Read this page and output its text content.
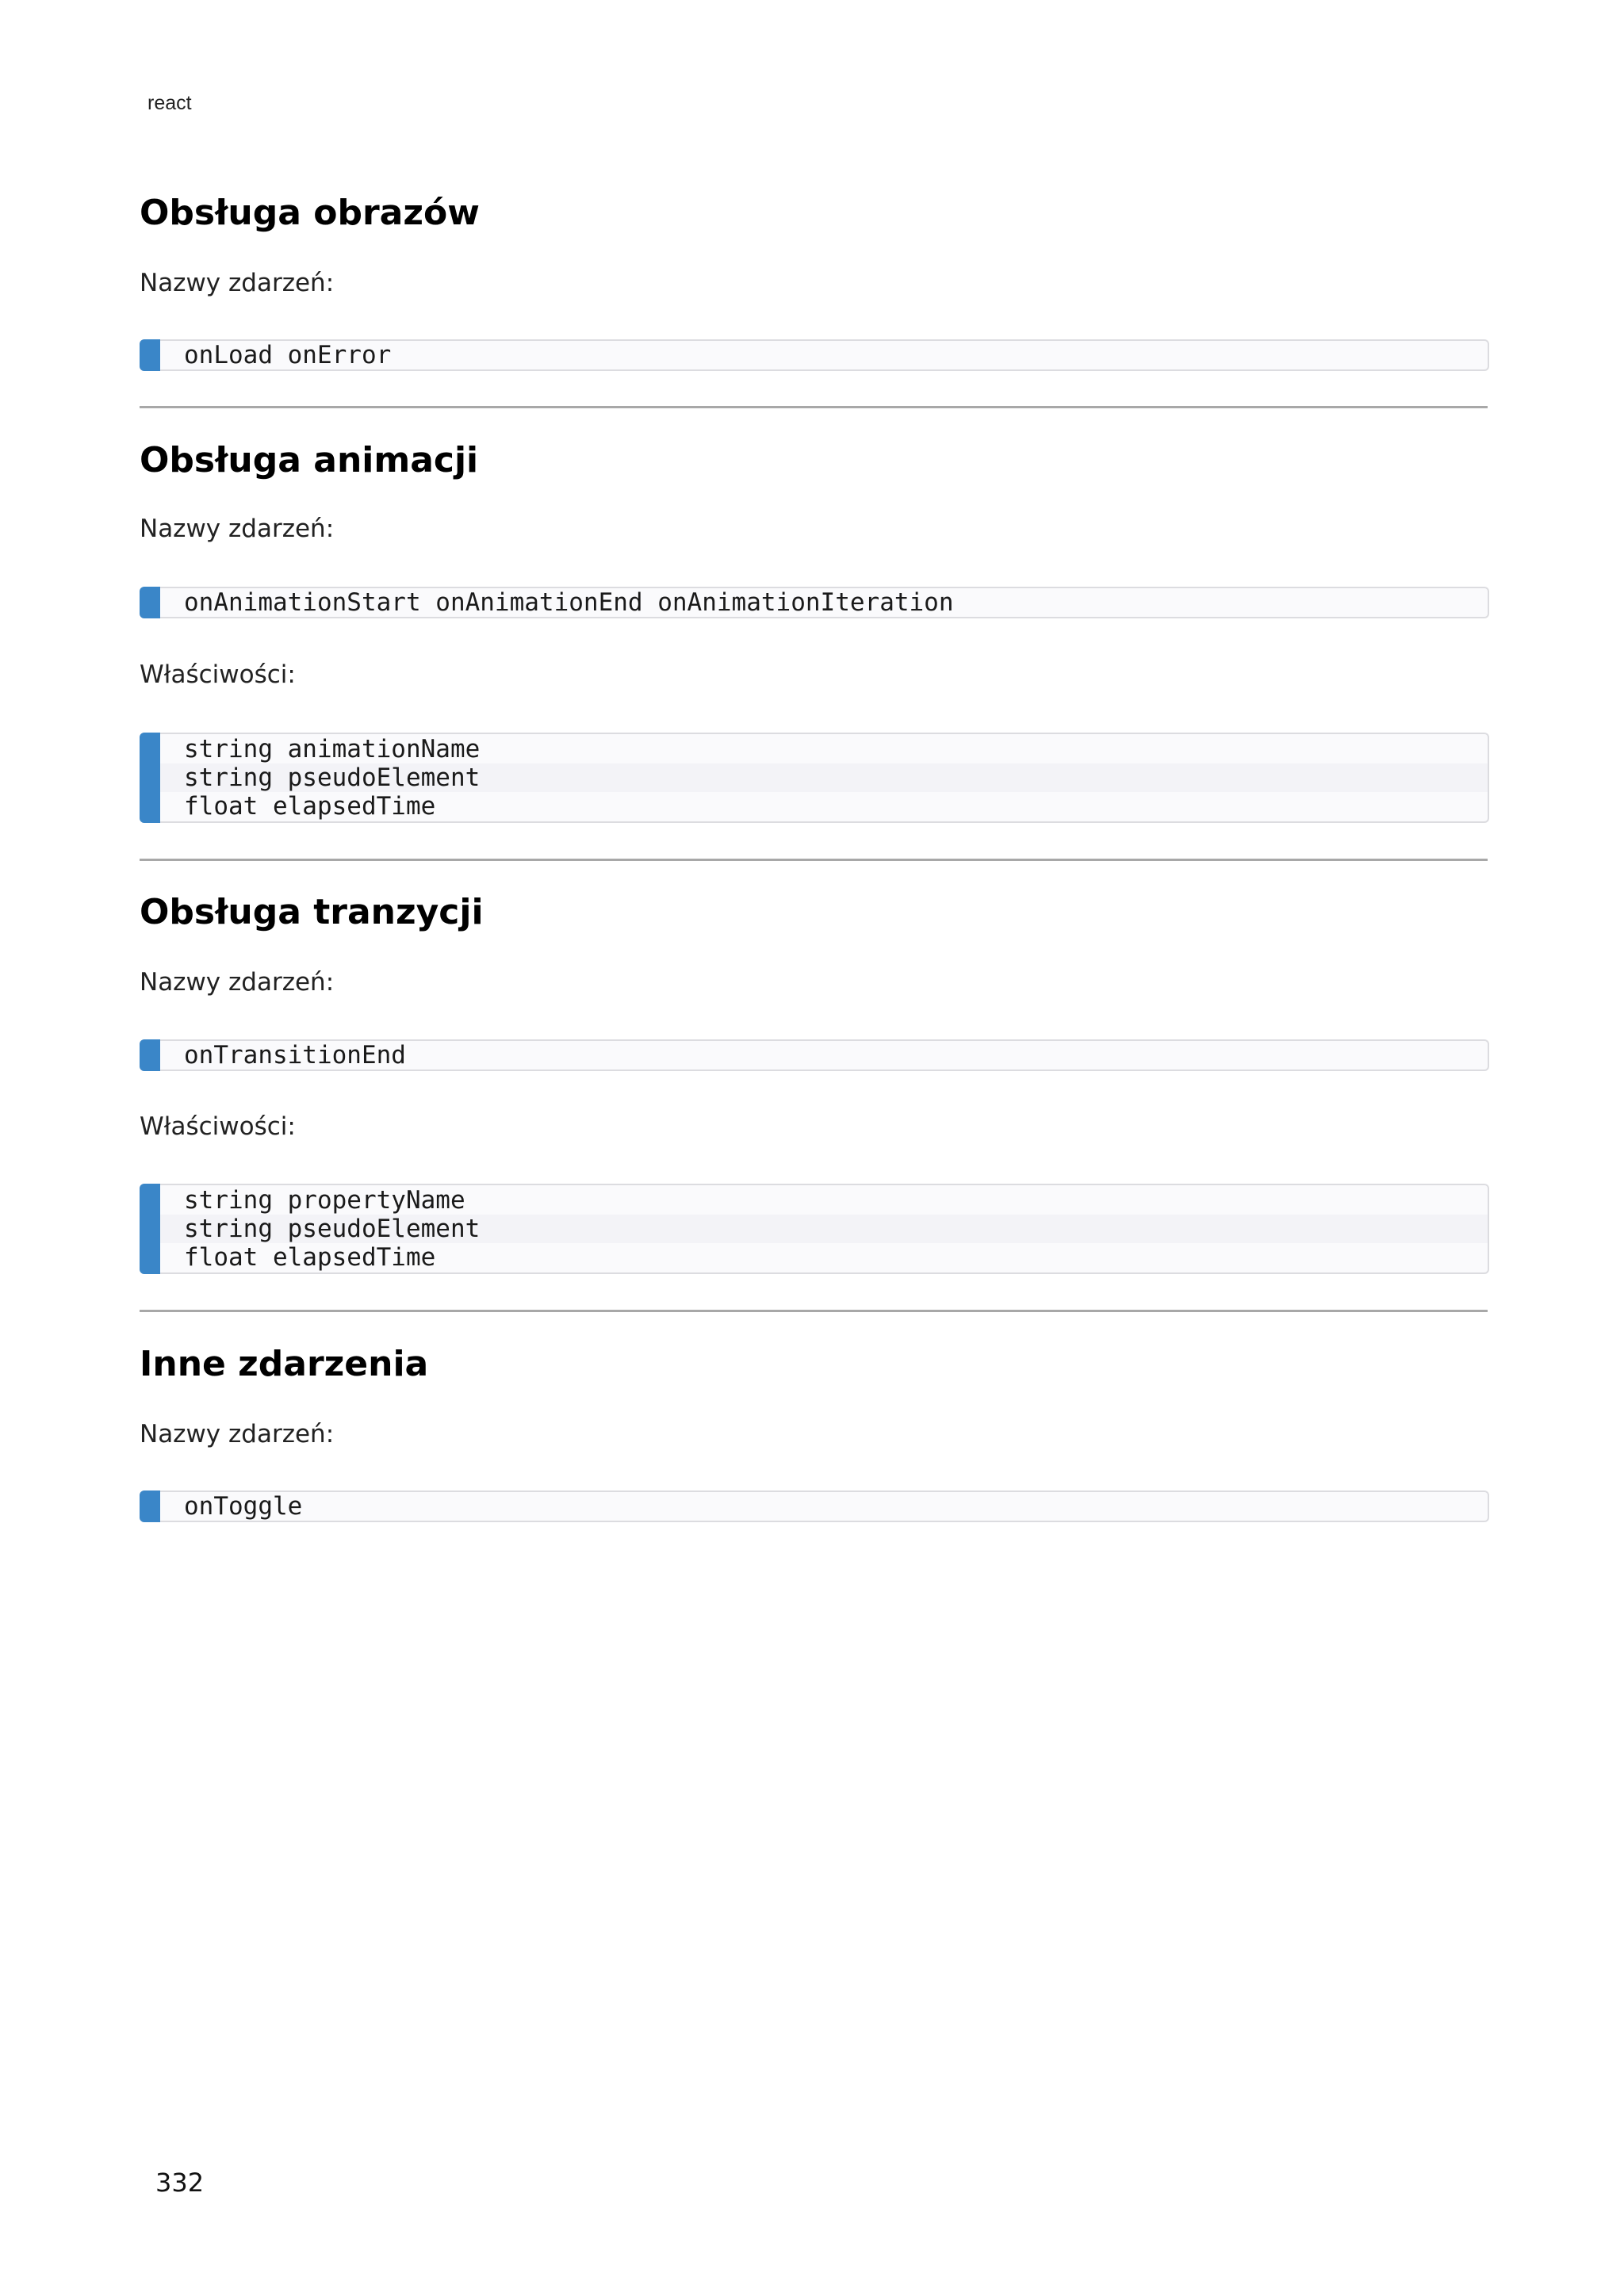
react
Obsługa obrazów
Nazwy zdarzeń:
onLoad onError
Obsługa animacji
Nazwy zdarzeń:
onAnimationStart onAnimationEnd onAnimationIteration
Właściwości:
string animationName
string pseudoElement
float elapsedTime
Obsługa tranzycji
Nazwy zdarzeń:
onTransitionEnd
Właściwości:
string propertyName
string pseudoElement
float elapsedTime
Inne zdarzenia
Nazwy zdarzeń:
onToggle
332
